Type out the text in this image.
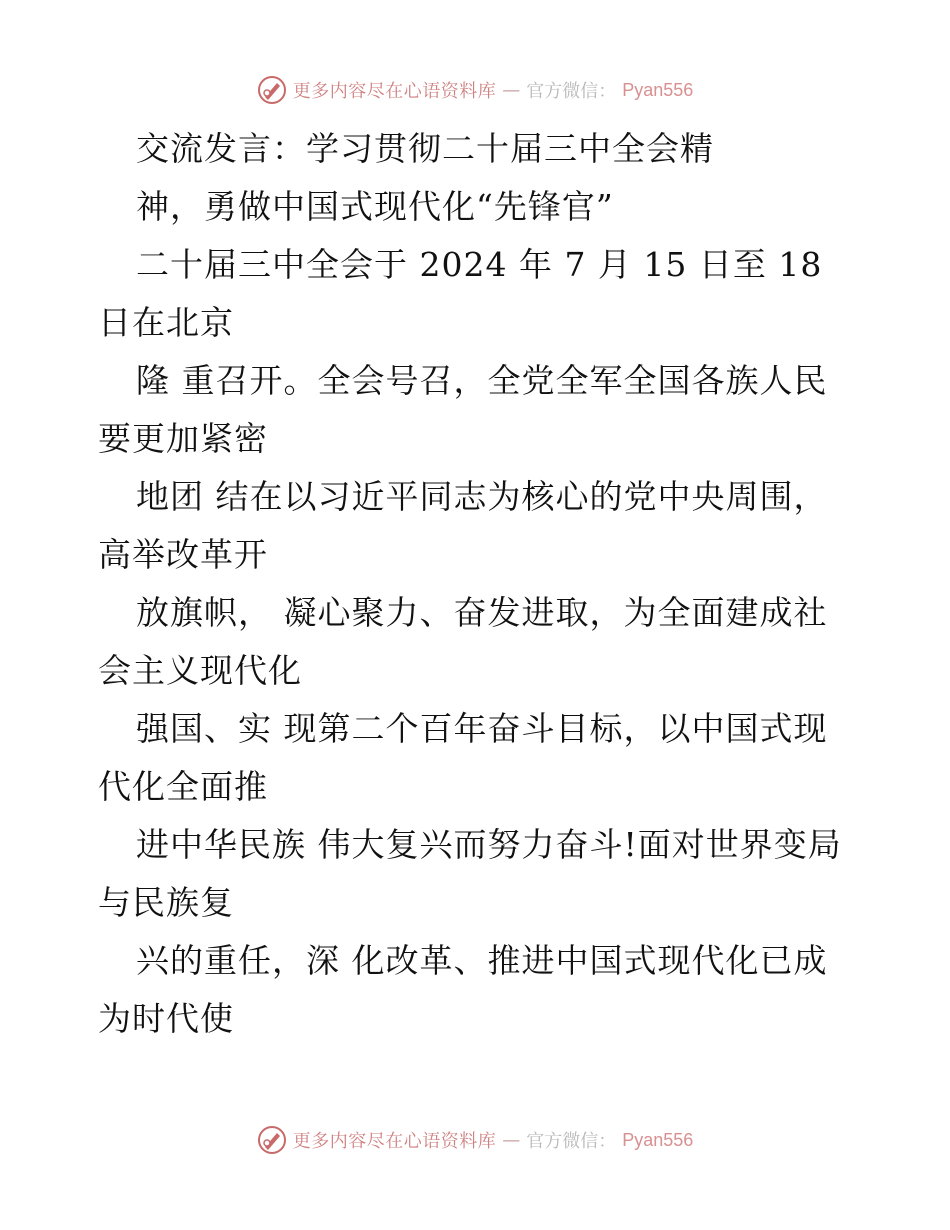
更多内容尽在心语资料库 — 官方微信： Pyan556
交流发言：学习贯彻二十届三中全会精
神，勇做中国式现代化“先锋官”
二十届三中全会于 2024 年 7 月 15 日至 18
日在北京
隆 重召开。全会号召，全党全军全国各族人民
要更加紧密
地团 结在以习近平同志为核心的党中央周围，
高举改革开
放旗帜， 凝心聚力、奋发进取，为全面建成社
会主义现代化
强国、实 现第二个百年奋斗目标，以中国式现
代化全面推
进中华民族 伟大复兴而努力奋斗!面对世界变局
与民族复
兴的重任，深 化改革、推进中国式现代化已成
为时代使
更多内容尽在心语资料库 — 官方微信： Pyan556
